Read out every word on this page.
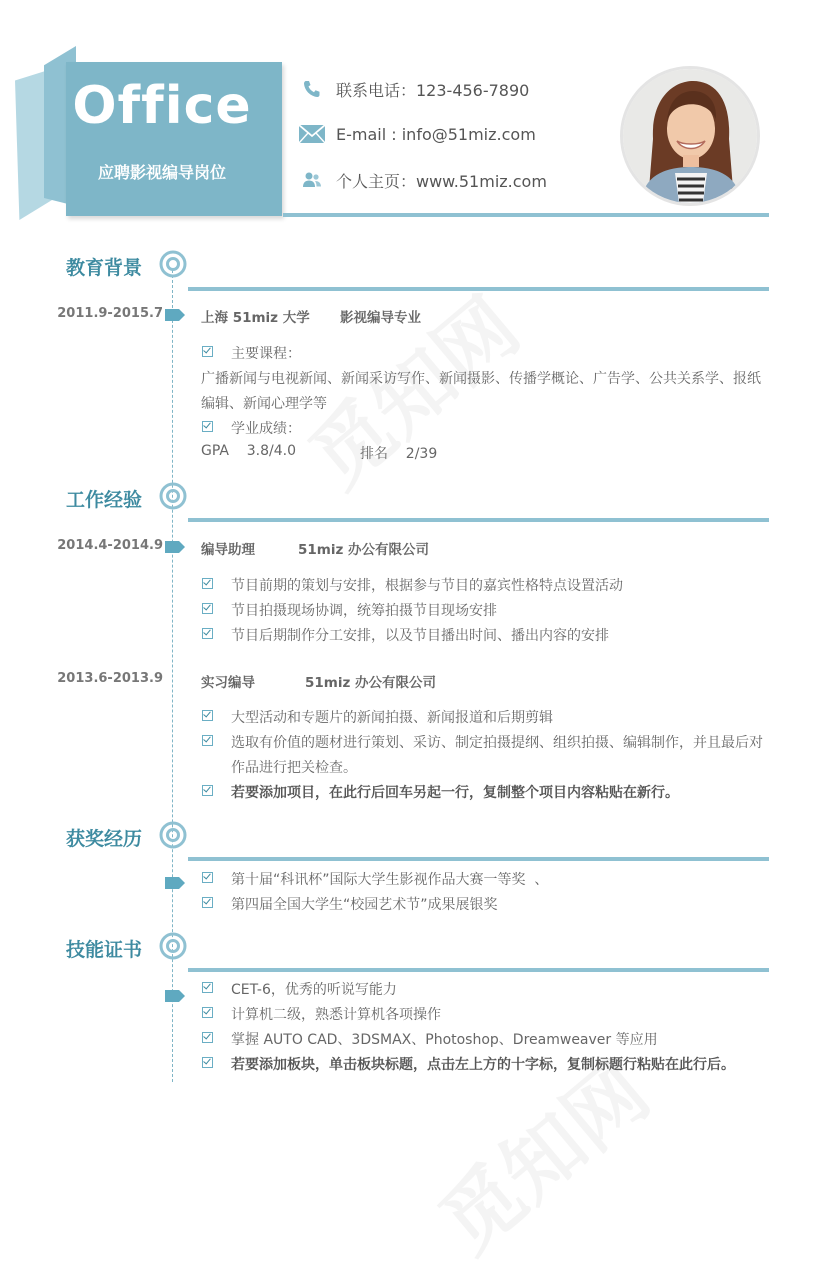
Office
应聘影视编导岗位
联系电话：123-456-7890
E-mail : info@51miz.com
个人主页：www.51miz.com
教育背景
2011.9-2015.7	上海 51miz 大学 影视编导专业
主要课程：
广播新闻与电视新闻、新闻采访写作、新闻摄影、传播学概论、广告学、公共关系学、报纸
编辑、新闻心理学等
学业成绩：
GPA    3.8/4.0	排名    2/39
工作经验
2014.4-2014.9	编导助理	51miz 办公有限公司
节目前期的策划与安排，根据参与节目的嘉宾性格特点设置活动
节目拍摄现场协调，统筹拍摄节目现场安排
节目后期制作分工安排，以及节目播出时间、播出内容的安排
2013.6-2013.9	实习编导	51miz 办公有限公司
大型活动和专题片的新闻拍摄、新闻报道和后期剪辑
选取有价值的题材进行策划、采访、制定拍摄提纲、组织拍摄、编辑制作，并且最后对
作品进行把关检查。
若要添加项目，在此行后回车另起一行，复制整个项目内容粘贴在新行。
获奖经历
第十届“科讯杯”国际大学生影视作品大赛一等奖  、
第四届全国大学生“校园艺术节”成果展银奖
技能证书
CET-6，优秀的听说写能力
计算机二级，熟悉计算机各项操作
掌握 AUTO CAD、3DSMAX、Photoshop、Dreamweaver 等应用
若要添加板块，单击板块标题，点击左上方的十字标，复制标题行粘贴在此行后。
